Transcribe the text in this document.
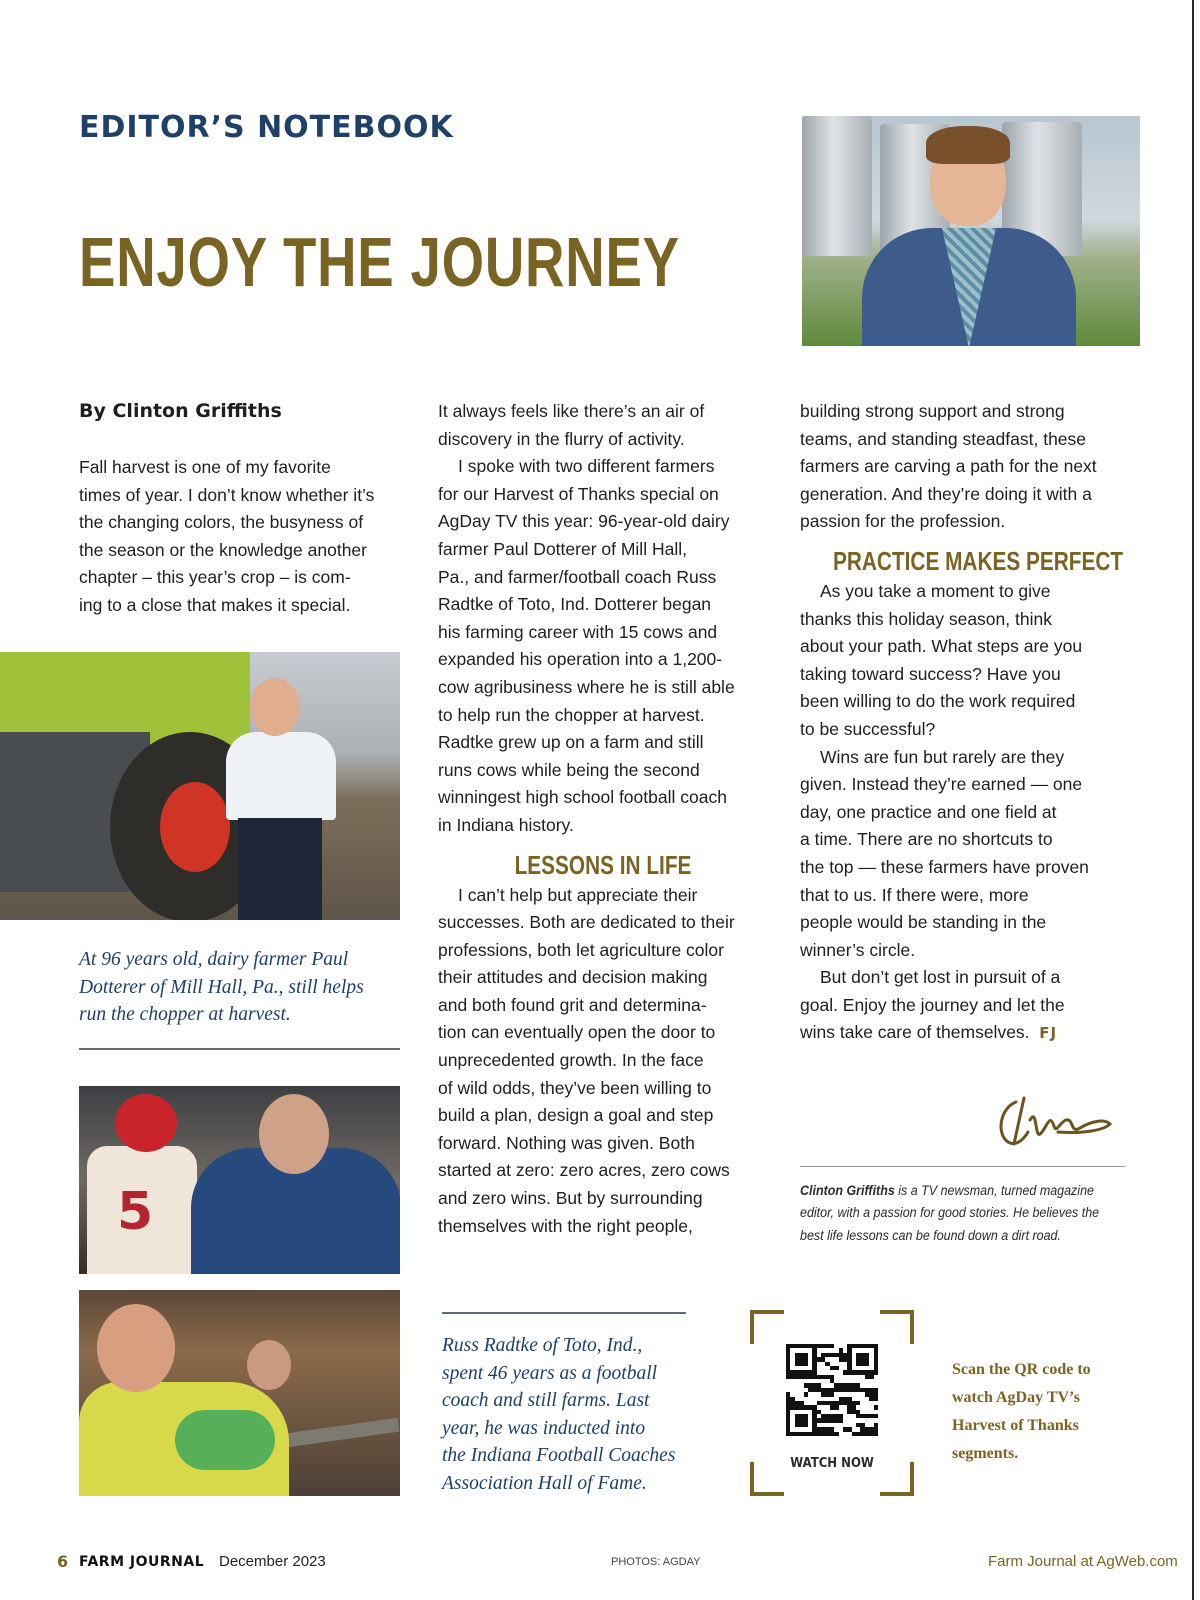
EDITOR’S NOTEBOOK
ENJOY THE JOURNEY
By Clinton Griffiths

Fall harvest is one of my favorite

times of year. I don’t know whether it’s

the changing colors, the busyness of

the season or the knowledge another

chapter – this year’s crop – is com-

ing to a close that makes it special.

At 96 years old, dairy farmer Paul

Dotterer of Mill Hall, Pa., still helps

run the chopper at harvest.

5

It always feels like there’s an air of

discovery in the flurry of activity.

I spoke with two different farmers

for our Harvest of Thanks special on

AgDay TV this year: 96-year-old dairy

farmer Paul Dotterer of Mill Hall,

Pa., and farmer/football coach Russ

Radtke of Toto, Ind. Dotterer began

his farming career with 15 cows and

expanded his operation into a 1,200-

cow agribusiness where he is still able

to help run the chopper at harvest.

Radtke grew up on a farm and still

runs cows while being the second

winningest high school football coach

in Indiana history.

LESSONS IN LIFE

I can’t help but appreciate their

successes. Both are dedicated to their

professions, both let agriculture color

their attitudes and decision making

and both found grit and determina-

tion can eventually open the door to

unprecedented growth. In the face

of wild odds, they’ve been willing to

build a plan, design a goal and step

forward. Nothing was given. Both

started at zero: zero acres, zero cows

and zero wins. But by surrounding

themselves with the right people,

building strong support and strong

teams, and standing steadfast, these

farmers are carving a path for the next

generation. And they’re doing it with a

passion for the profession.

PRACTICE MAKES PERFECT

As you take a moment to give

thanks this holiday season, think

about your path. What steps are you

taking toward success? Have you

been willing to do the work required

to be successful?

Wins are fun but rarely are they

given. Instead they’re earned — one

day, one practice and one field at

a time. There are no shortcuts to

the top — these farmers have proven

that to us. If there were, more

people would be standing in the

winner’s circle.

But don’t get lost in pursuit of a

goal. Enjoy the journey and let the

wins take care of themselves. FJ

Clinton Griffiths is a TV newsman, turned magazine

editor, with a passion for good stories. He believes the

best life lessons can be found down a dirt road.

Russ Radtke of Toto, Ind.,

spent 46 years as a football

coach and still farms. Last

year, he was inducted into

the Indiana Football Coaches

Association Hall of Fame.

WATCH NOW

Scan the QR code to

watch AgDay TV’s

Harvest of Thanks

segments.

6 FARM JOURNAL December 2023	PHOTOS: AGDAY	Farm Journal at AgWeb.com
